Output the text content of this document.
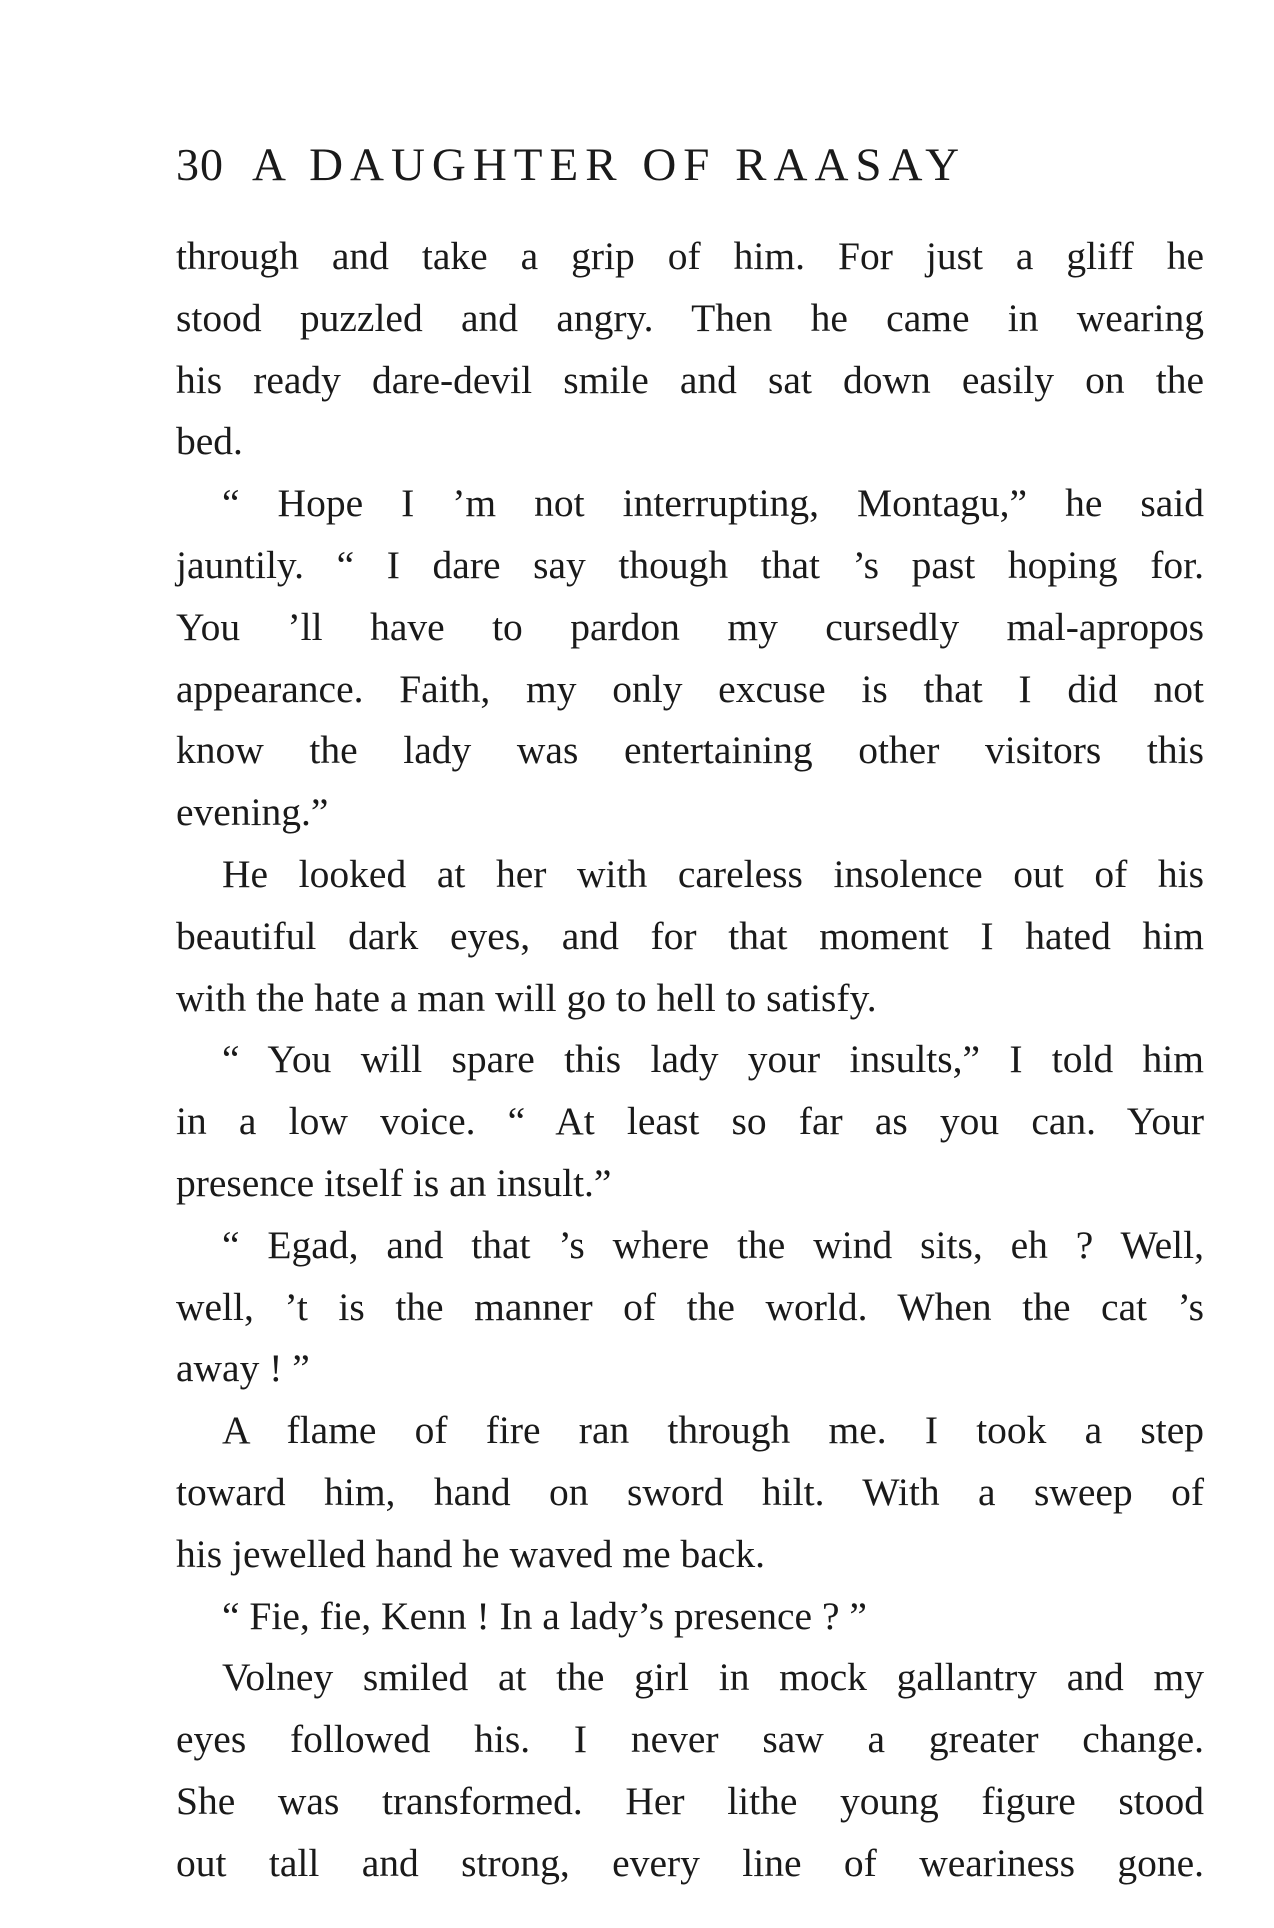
30 A DAUGHTER OF RAASAY
through and take a grip of him. For just a gliff he
stood puzzled and angry. Then he came in wearing
his ready dare-devil smile and sat down easily on the
bed.
“ Hope I ’m not interrupting, Montagu,” he said
jauntily. “ I dare say though that ’s past hoping for.
You ’ll have to pardon my cursedly mal-apropos
appearance. Faith, my only excuse is that I did not
know the lady was entertaining other visitors this
evening.”
He looked at her with careless insolence out of his
beautiful dark eyes, and for that moment I hated him
with the hate a man will go to hell to satisfy.
“ You will spare this lady your insults,” I told him
in a low voice. “ At least so far as you can. Your
presence itself is an insult.”
“ Egad, and that ’s where the wind sits, eh ? Well,
well, ’t is the manner of the world. When the cat ’s
away ! ”
A flame of fire ran through me. I took a step
toward him, hand on sword hilt. With a sweep of
his jewelled hand he waved me back.
“ Fie, fie, Kenn ! In a lady’s presence ? ”
Volney smiled at the girl in mock gallantry and my
eyes followed his. I never saw a greater change.
She was transformed. Her lithe young figure stood
out tall and strong, every line of weariness gone.
